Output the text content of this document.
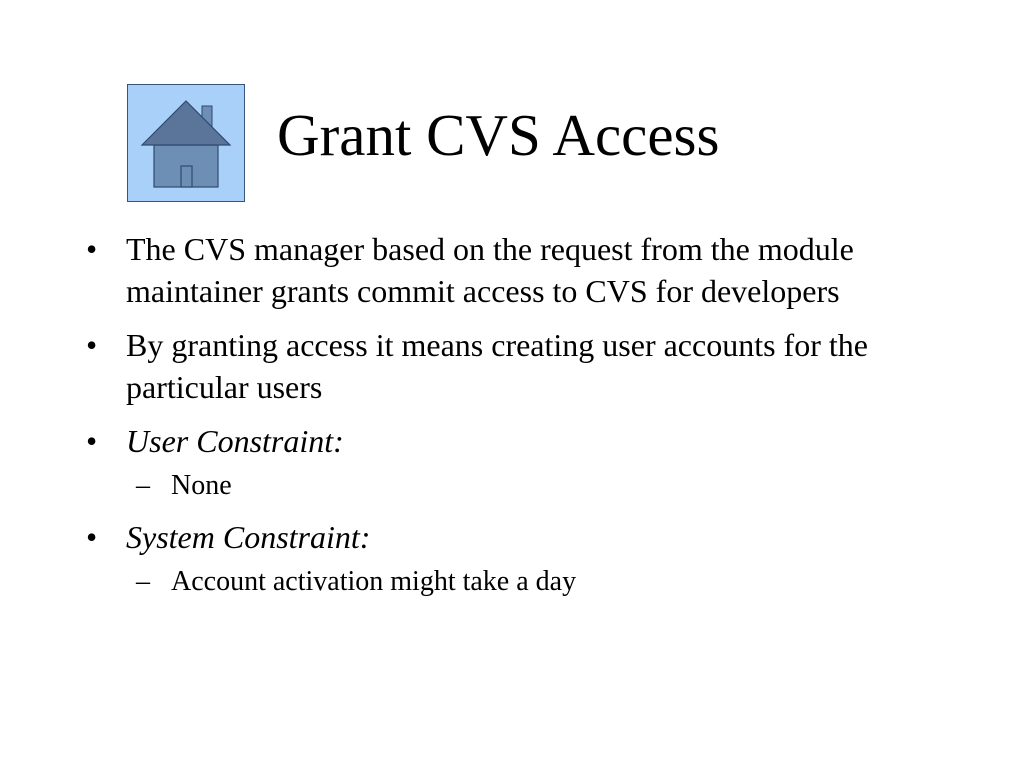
Grant CVS Access
• The CVS manager based on the request from the module maintainer grants commit access to CVS for developers
• By granting access it means creating user accounts for the particular users
• User Constraint:
– None
• System Constraint:
– Account activation might take a day
